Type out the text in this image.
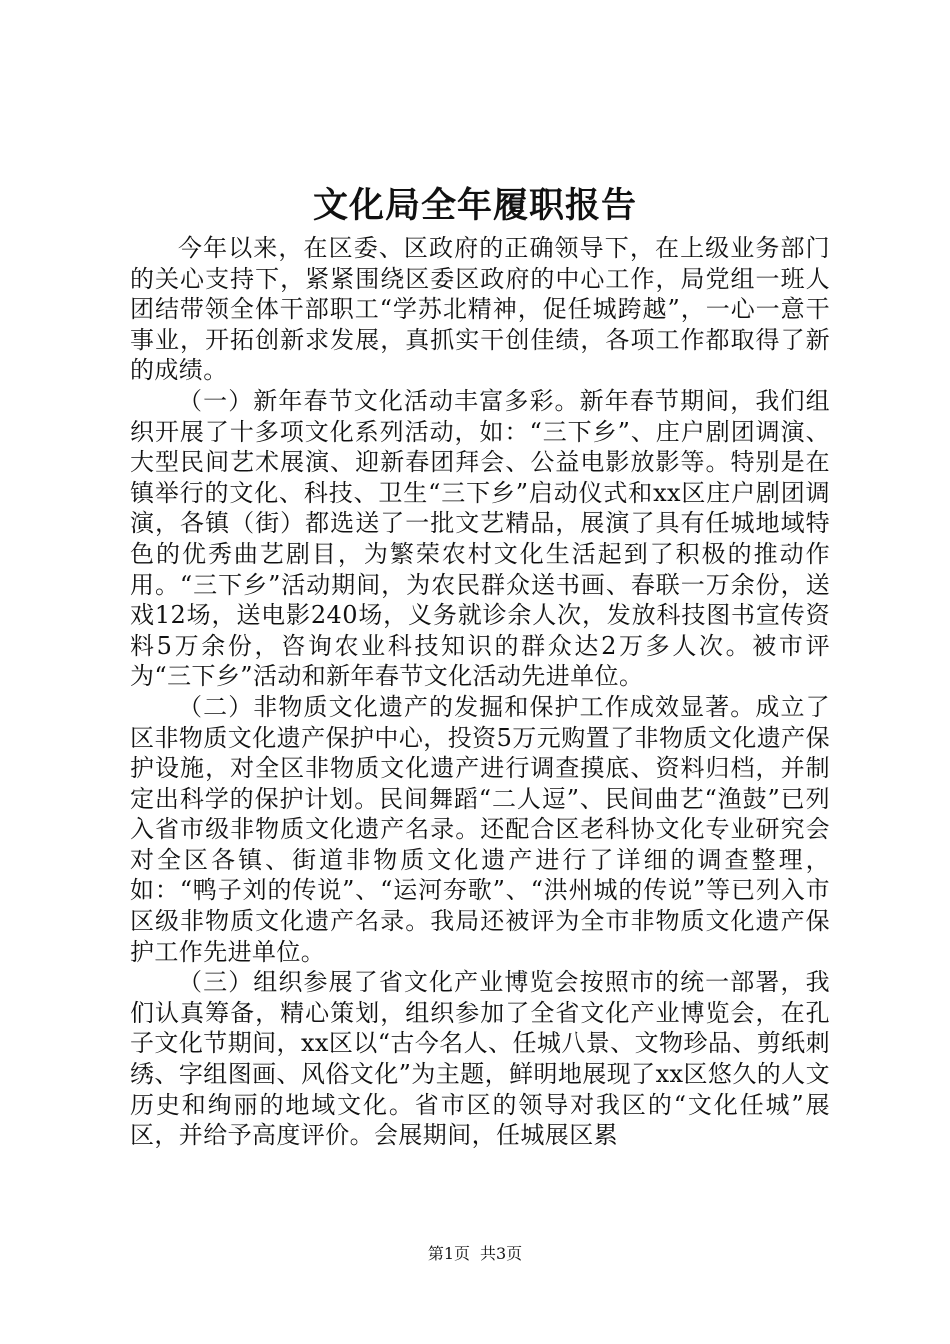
文化局全年履职报告

今年以来，在区委、区政府的正确领导下，在上级业务部门的关心支持下，紧紧围绕区委区政府的中心工作，局党组一班人团结带领全体干部职工“学苏北精神，促任城跨越”，一心一意干事业，开拓创新求发展，真抓实干创佳绩，各项工作都取得了新的成绩。

（一）新年春节文化活动丰富多彩。新年春节期间，我们组织开展了十多项文化系列活动，如：“三下乡”、庄户剧团调演、大型民间艺术展演、迎新春团拜会、公益电影放影等。特别是在镇举行的文化、科技、卫生“三下乡”启动仪式和xx区庄户剧团调演，各镇（街）都选送了一批文艺精品，展演了具有任城地域特色的优秀曲艺剧目，为繁荣农村文化生活起到了积极的推动作用。“三下乡”活动期间，为农民群众送书画、春联一万余份，送戏12场，送电影240场，义务就诊余人次，发放科技图书宣传资料5万余份，咨询农业科技知识的群众达2万多人次。被市评为“三下乡”活动和新年春节文化活动先进单位。

（二）非物质文化遗产的发掘和保护工作成效显著。成立了区非物质文化遗产保护中心，投资5万元购置了非物质文化遗产保护设施，对全区非物质文化遗产进行调查摸底、资料归档，并制定出科学的保护计划。民间舞蹈“二人逗”、民间曲艺“渔鼓”已列入省市级非物质文化遗产名录。还配合区老科协文化专业研究会对全区各镇、街道非物质文化遗产进行了详细的调查整理，如：“鸭子刘的传说”、“运河夯歌”、“洪州城的传说”等已列入市区级非物质文化遗产名录。我局还被评为全市非物质文化遗产保护工作先进单位。

（三）组织参展了省文化产业博览会按照市的统一部署，我们认真筹备，精心策划，组织参加了全省文化产业博览会，在孔子文化节期间，xx区以“古今名人、任城八景、文物珍品、剪纸刺绣、字组图画、风俗文化”为主题，鲜明地展现了xx区悠久的人文历史和绚丽的地域文化。省市区的领导对我区的“文化任城”展区，并给予高度评价。会展期间，任城展区累

第1页 共3页
